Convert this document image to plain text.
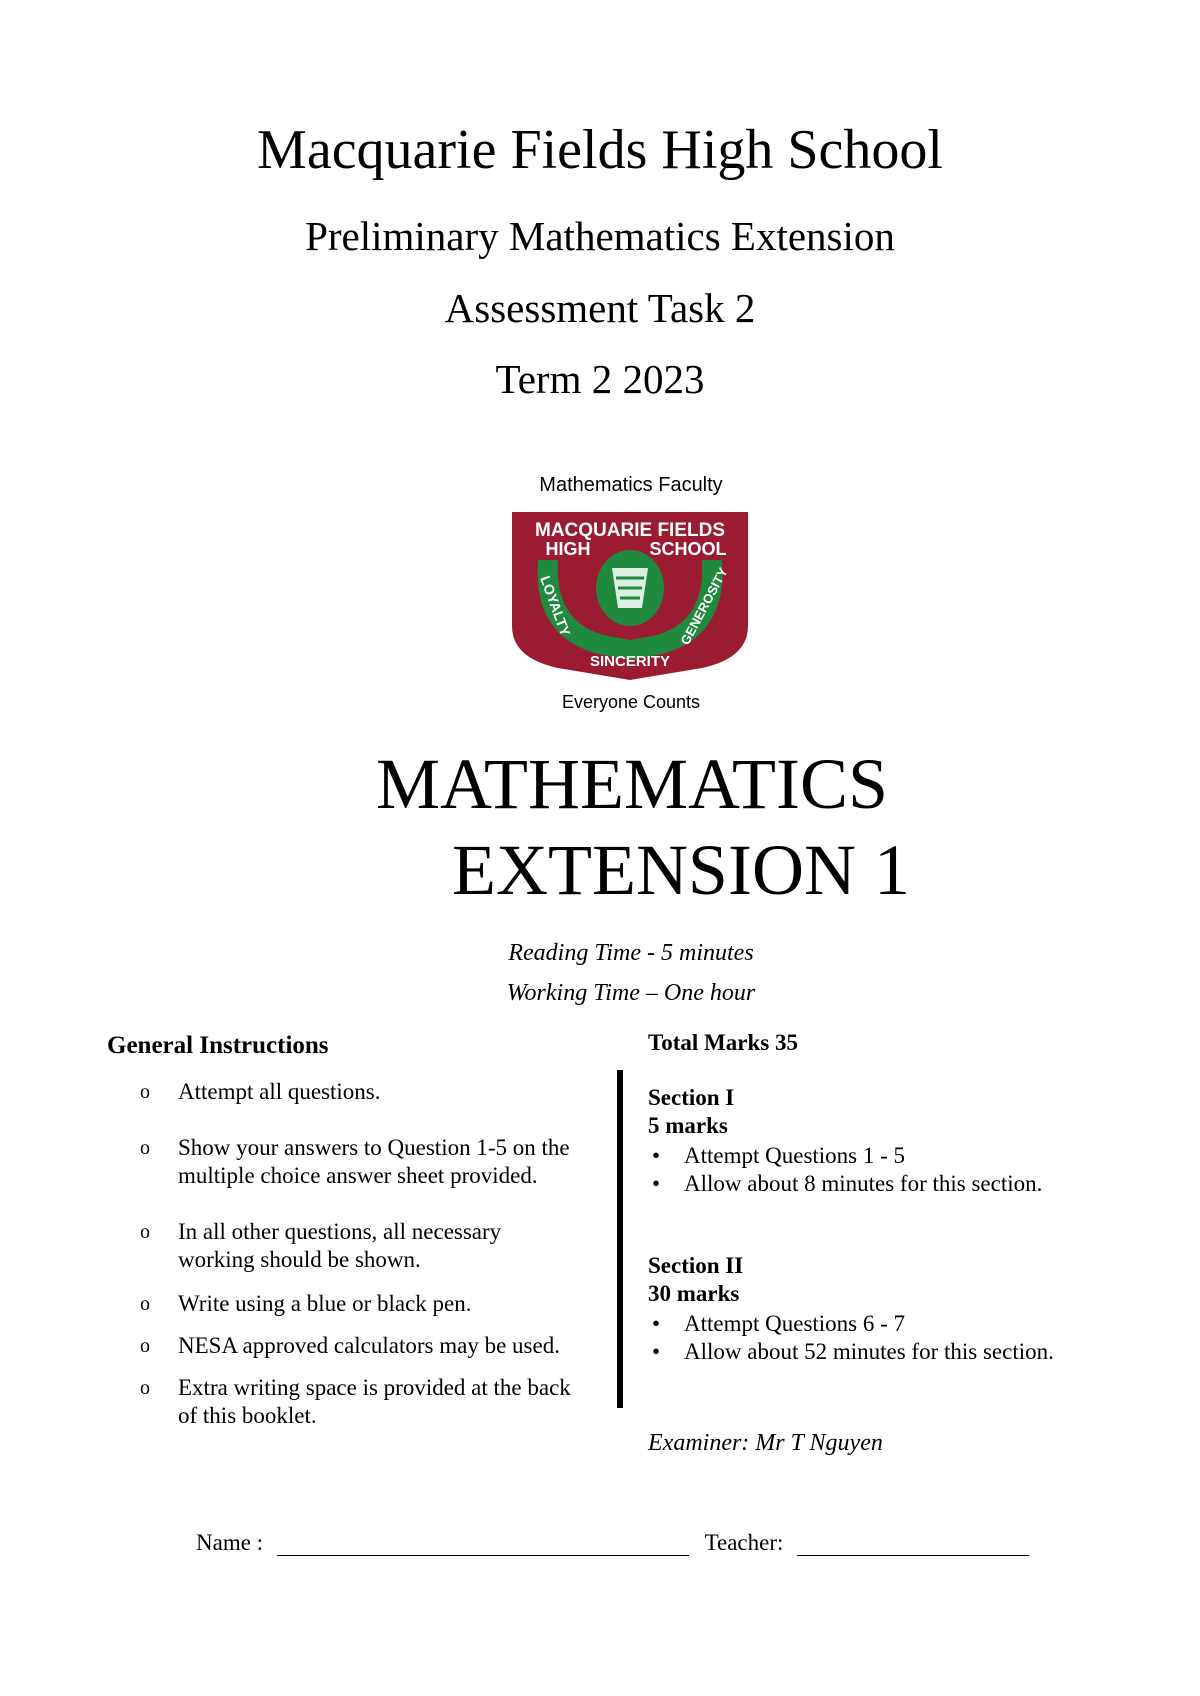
Macquarie Fields High School
Preliminary Mathematics Extension
Assessment Task 2
Term 2 2023
Mathematics Faculty
MACQUARIE FIELDS
HIGH	SCHOOL
LOYALTY
SINCERITY
GENEROSITY
Everyone Counts
MATHEMATICS
EXTENSION 1
Reading Time - 5 minutes
Working Time – One hour
General Instructions
o Attempt all questions.
o Show your answers to Question 1-5 on the multiple choice answer sheet provided.
o In all other questions, all necessary working should be shown.
o Write using a blue or black pen.
o NESA approved calculators may be used.
o Extra writing space is provided at the back of this booklet.
Total Marks 35
Section I
5 marks
• Attempt Questions 1 - 5
• Allow about 8 minutes for this section.
Section II
30 marks
• Attempt Questions 6 - 7
• Allow about 52 minutes for this section.
Examiner: Mr T Nguyen
Name :	Teacher:
